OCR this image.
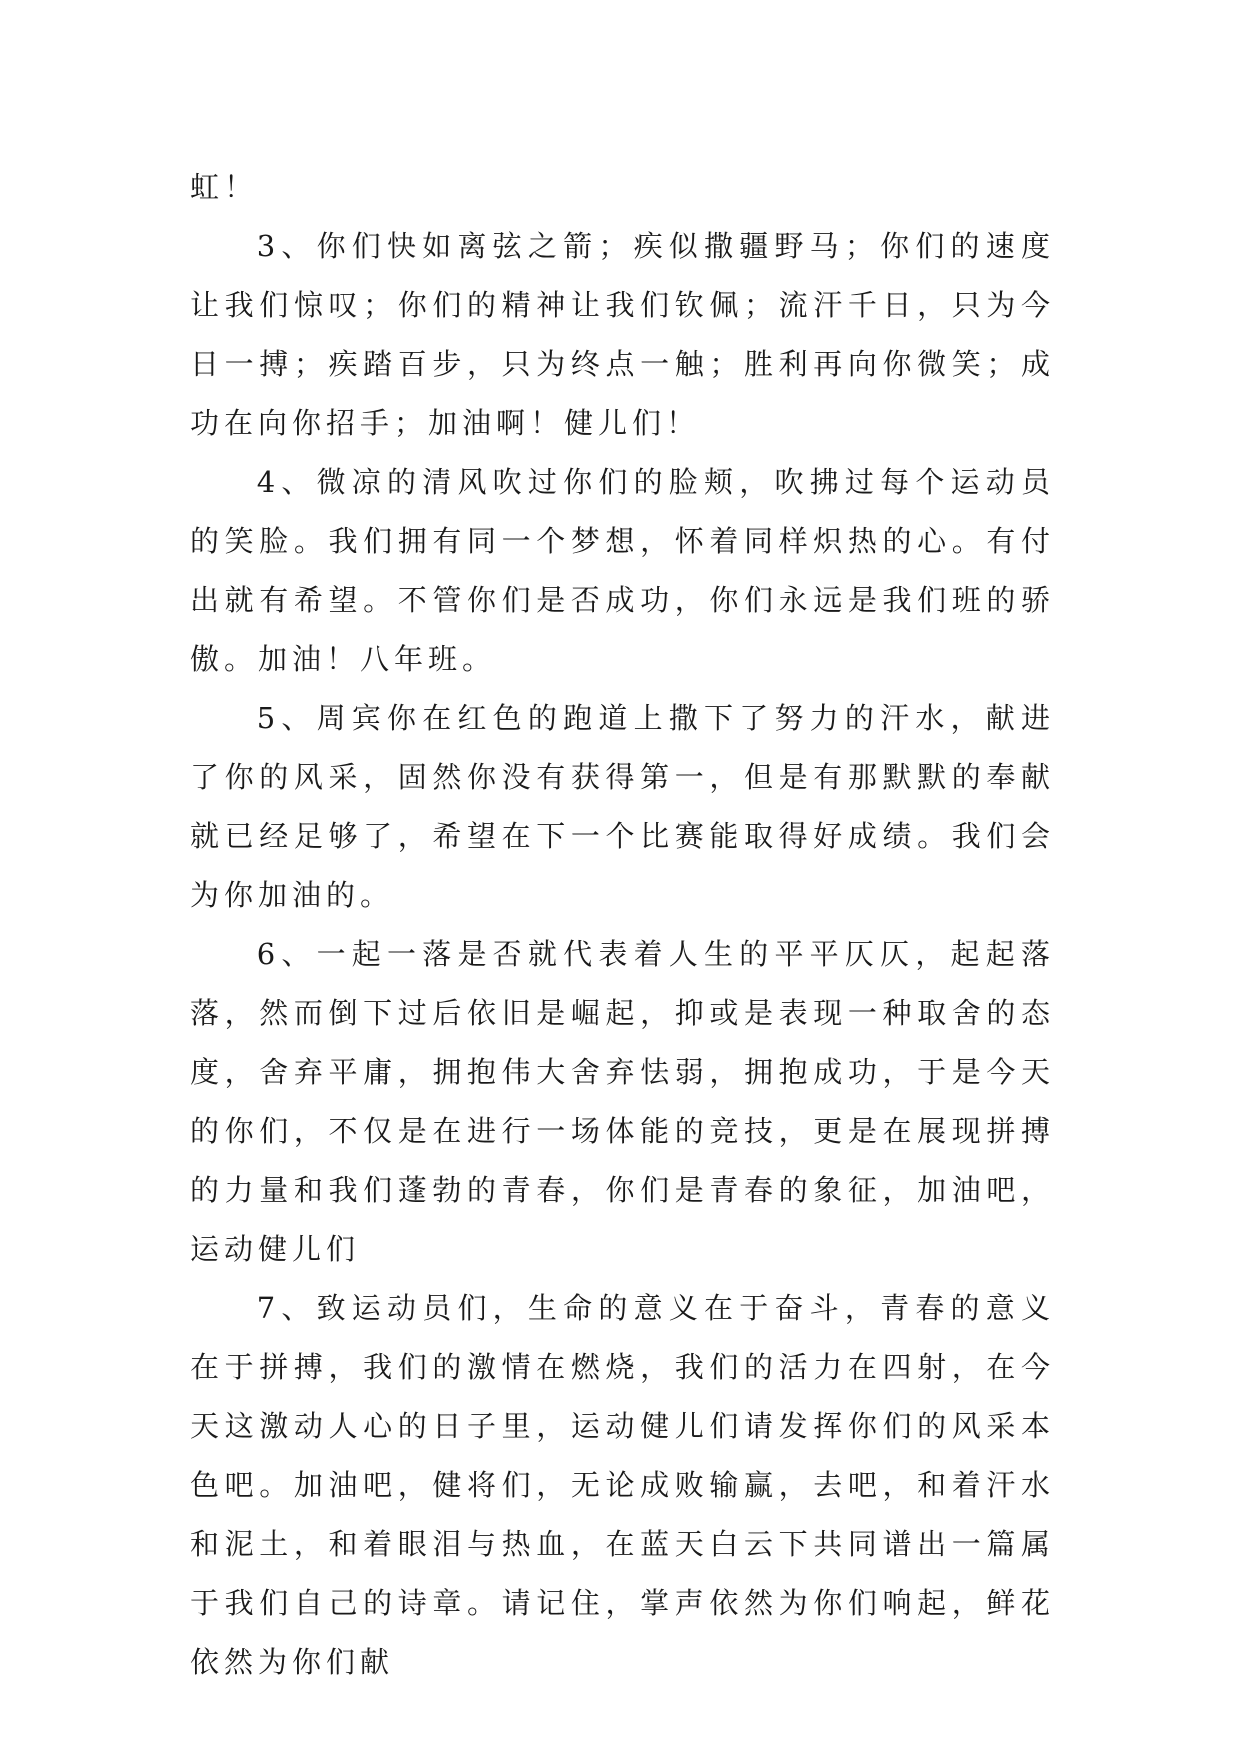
虹！

3、你们快如离弦之箭；疾似撒疆野马；你们的速度让我们惊叹；你们的精神让我们钦佩；流汗千日，只为今日一搏；疾踏百步，只为终点一触；胜利再向你微笑；成功在向你招手；加油啊！健儿们！

4、微凉的清风吹过你们的脸颊，吹拂过每个运动员的笑脸。我们拥有同一个梦想，怀着同样炽热的心。有付出就有希望。不管你们是否成功，你们永远是我们班的骄傲。加油！八年班。

5、周宾你在红色的跑道上撒下了努力的汗水，献进了你的风采，固然你没有获得第一，但是有那默默的奉献就已经足够了，希望在下一个比赛能取得好成绩。我们会为你加油的。

6、一起一落是否就代表着人生的平平仄仄，起起落落，然而倒下过后依旧是崛起，抑或是表现一种取舍的态度，舍弃平庸，拥抱伟大舍弃怯弱，拥抱成功，于是今天的你们，不仅是在进行一场体能的竞技，更是在展现拼搏的力量和我们蓬勃的青春，你们是青春的象征，加油吧，运动健儿们

7、致运动员们，生命的意义在于奋斗，青春的意义在于拼搏，我们的激情在燃烧，我们的活力在四射，在今天这激动人心的日子里，运动健儿们请发挥你们的风采本色吧。加油吧，健将们，无论成败输赢，去吧，和着汗水和泥土，和着眼泪与热血，在蓝天白云下共同谱出一篇属于我们自己的诗章。请记住，掌声依然为你们响起，鲜花依然为你们献
